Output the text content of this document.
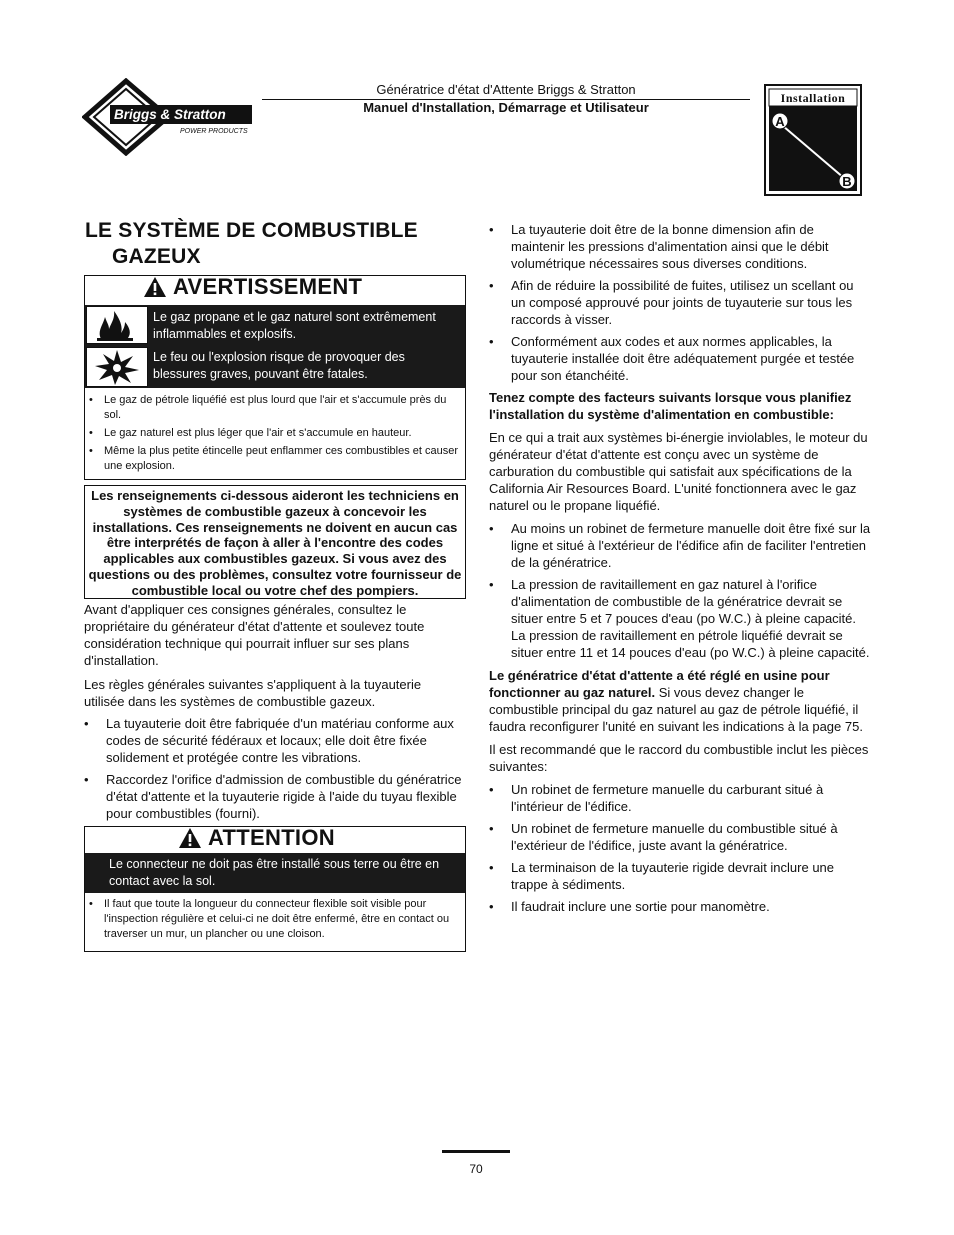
Briggs & Stratton
POWER PRODUCTS
Génératrice d'état d'Attente Briggs & Stratton
Manuel d'Installation, Démarrage et Utilisateur
Installation
A
B
LE SYSTÈME DE COMBUSTIBLE
GAZEUX
AVERTISSEMENT
Le gaz propane et le gaz naturel sont extrêmement inflammables et explosifs.
Le feu ou l'explosion risque de provoquer des blessures graves, pouvant être fatales.
• Le gaz de pétrole liquéfié est plus lourd que l'air et s'accumule près du sol.
• Le gaz naturel est plus léger que l'air et s'accumule en hauteur.
• Même la plus petite étincelle peut enflammer ces combustibles et causer une explosion.
Les renseignements ci-dessous aideront les techniciens en systèmes de combustible gazeux à concevoir les installations. Ces renseignements ne doivent en aucun cas être interprétés de façon à aller à l'encontre des codes applicables aux combustibles gazeux. Si vous avez des questions ou des problèmes, consultez votre fournisseur de combustible local ou votre chef des pompiers.

Avant d'appliquer ces consignes générales, consultez le propriétaire du générateur d'état d'attente et soulevez toute considération technique qui pourrait influer sur ses plans d'installation.

Les règles générales suivantes s'appliquent à la tuyauterie utilisée dans les systèmes de combustible gazeux.

• La tuyauterie doit être fabriquée d'un matériau conforme aux codes de sécurité fédéraux et locaux; elle doit être fixée solidement et protégée contre les vibrations.
• Raccordez l'orifice d'admission de combustible du génératrice d'état d'attente et la tuyauterie rigide à l'aide du tuyau flexible pour combustibles (fourni).
ATTENTION
Le connecteur ne doit pas être installé sous terre ou être en contact avec la sol.
• Il faut que toute la longueur du connecteur flexible soit visible pour l'inspection régulière et celui-ci ne doit être enfermé, être en contact ou traverser un mur, un plancher ou une cloison.
• La tuyauterie doit être de la bonne dimension afin de maintenir les pressions d'alimentation ainsi que le débit volumétrique nécessaires sous diverses conditions.
• Afin de réduire la possibilité de fuites, utilisez un scellant ou un composé approuvé pour joints de tuyauterie sur tous les raccords à visser.
• Conformément aux codes et aux normes applicables, la tuyauterie installée doit être adéquatement purgée et testée pour son étanchéité.

Tenez compte des facteurs suivants lorsque vous planifiez l'installation du système d'alimentation en combustible:

En ce qui a trait aux systèmes bi-énergie inviolables, le moteur du générateur d'état d'attente est conçu avec un système de carburation du combustible qui satisfait aux spécifications de la California Air Resources Board. L'unité fonctionnera avec le gaz naturel ou le propane liquéfié.

• Au moins un robinet de fermeture manuelle doit être fixé sur la ligne et situé à l'extérieur de l'édifice afin de faciliter l'entretien de la génératrice.
• La pression de ravitaillement en gaz naturel à l'orifice d'alimentation de combustible de la génératrice devrait se situer entre 5 et 7 pouces d'eau (po W.C.) à pleine capacité. La pression de ravitaillement en pétrole liquéfié devrait se situer entre 11 et 14 pouces d'eau (po W.C.) à pleine capacité.

Le génératrice d'état d'attente a été réglé en usine pour fonctionner au gaz naturel. Si vous devez changer le combustible principal du gaz naturel au gaz de pétrole liquéfié, il faudra reconfigurer l'unité en suivant les indications à la page 75.

Il est recommandé que le raccord du combustible inclut les pièces suivantes:

• Un robinet de fermeture manuelle du carburant situé à l'intérieur de l'édifice.
• Un robinet de fermeture manuelle du combustible situé à l'extérieur de l'édifice, juste avant la génératrice.
• La terminaison de la tuyauterie rigide devrait inclure une trappe à sédiments.
• Il faudrait inclure une sortie pour manomètre.
70
